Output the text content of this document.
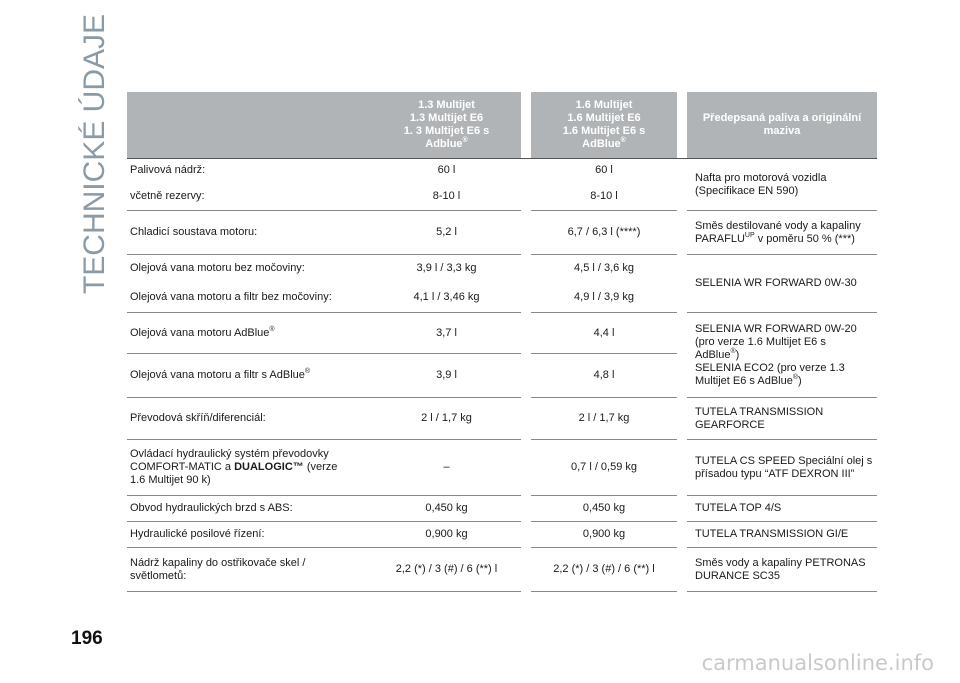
TECHNICKÉ ÚDAJE
		1.3 Multijet
1.3 Multijet E6
1. 3 Multijet E6 s
Adblue®		1.6 Multijet
1.6 Multijet E6
1.6 Multijet E6 s
AdBlue®		Předepsaná paliva a originální maziva
Palivová nádrž:	60 l		60 l		Nafta pro motorová vozidla
(Specifikace EN 590)
včetně rezervy:	8-10 l		8-10 l		
Chladicí soustava motoru:	5,2 l		6,7 / 6,3 l (****)		Směs destilované vody a kapaliny
$PARAFLU^{UP}$ v poměru 50 % (***)
Olejová vana motoru bez močoviny:	3,9 l / 3,3 kg		4,5 l / 3,6 kg		SELENIA WR FORWARD 0W-30
Olejová vana motoru a filtr bez močoviny:	4,1 l / 3,46 kg		4,9 l / 3,9 kg		
Olejová vana motoru AdBlue®	3,7 l		4,4 l		SELENIA WR FORWARD 0W-20
(pro verze 1.6 Multijet E6 s
AdBlue®)
SELENIA ECO2 (pro verze 1.3
Multijet E6 s AdBlue®)
Olejová vana motoru a filtr s AdBlue®	3,9 l		4,8 l		
Převodová skříň/diferenciál:	2 l / 1,7 kg		2 l / 1,7 kg		TUTELA TRANSMISSION
GEARFORCE
Ovládací hydraulický systém převodovky
COMFORT-MATIC a DUALOGIC™ (verze
1.6 Multijet 90 k)	–		0,7 l / 0,59 kg		TUTELA CS SPEED Speciální olej s
přísadou typu “ATF DEXRON III”
Obvod hydraulických brzd s ABS:	0,450 kg		0,450 kg		TUTELA TOP 4/S
Hydraulické posilové řízení:	0,900 kg		0,900 kg		TUTELA TRANSMISSION GI/E
Nádrž kapaliny do ostřikovače skel /
světlometů:	2,2 (*) / 3 (#) / 6 (**) l		2,2 (*) / 3 (#) / 6 (**) l		Směs vody a kapaliny PETRONAS
DURANCE SC35
196
carmanualsonline.info
